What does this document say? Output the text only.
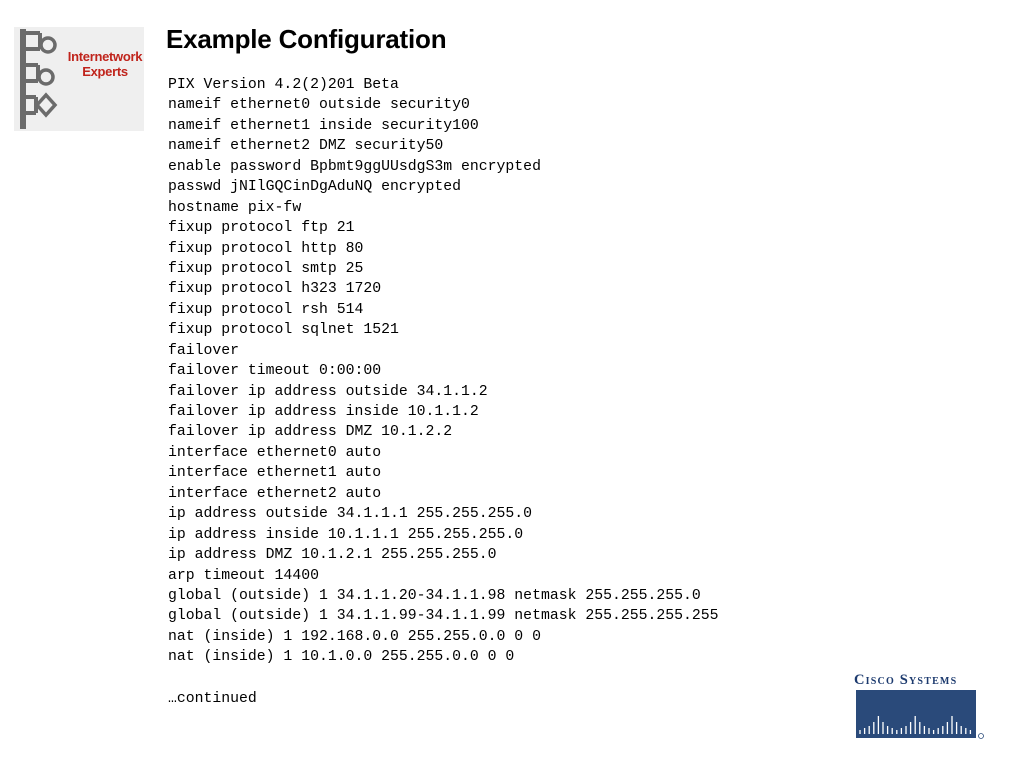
Internetwork
Experts
Example Configuration
PIX Version 4.2(2)201 Beta
nameif ethernet0 outside security0
nameif ethernet1 inside security100
nameif ethernet2 DMZ security50
enable password Bpbmt9ggUUsdgS3m encrypted
passwd jNIlGQCinDgAduNQ encrypted
hostname pix-fw
fixup protocol ftp 21
fixup protocol http 80
fixup protocol smtp 25
fixup protocol h323 1720
fixup protocol rsh 514
fixup protocol sqlnet 1521
failover
failover timeout 0:00:00
failover ip address outside 34.1.1.2
failover ip address inside 10.1.1.2
failover ip address DMZ 10.1.2.2
interface ethernet0 auto
interface ethernet1 auto
interface ethernet2 auto
ip address outside 34.1.1.1 255.255.255.0
ip address inside 10.1.1.1 255.255.255.0
ip address DMZ 10.1.2.1 255.255.255.0
arp timeout 14400
global (outside) 1 34.1.1.20-34.1.1.98 netmask 255.255.255.0
global (outside) 1 34.1.1.99-34.1.1.99 netmask 255.255.255.255
nat (inside) 1 192.168.0.0 255.255.0.0 0 0
nat (inside) 1 10.1.0.0 255.255.0.0 0 0
…continued
Cisco Systems
